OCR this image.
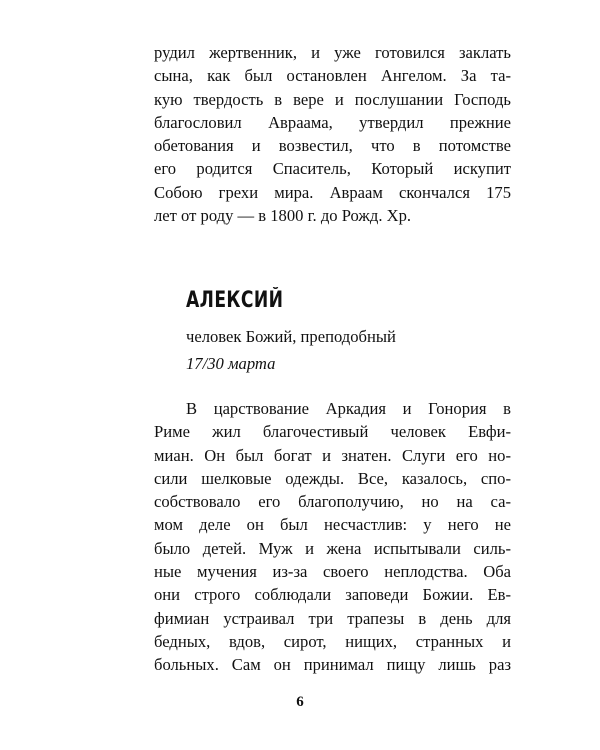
рудил жертвенник, и уже готовился заклать
сына, как был остановлен Ангелом. За та-
кую твердость в вере и послушании Господь
благословил Авраама, утвердил прежние
обетования и возвестил, что в потомстве
его родится Спаситель, Который искупит
Собою грехи мира. Авраам скончался 175
лет от роду — в 1800 г. до Рожд. Хр.
АЛЕКСИЙ
человек Божий, преподобный
17/30 марта
В царствование Аркадия и Гонория в
Риме жил благочестивый человек Евфи-
миан. Он был богат и знатен. Слуги его но-
сили шелковые одежды. Все, казалось, спо-
собствовало его благополучию, но на са-
мом деле он был несчастлив: у него не
было детей. Муж и жена испытывали силь-
ные мучения из-за своего неплодства. Оба
они строго соблюдали заповеди Божии. Ев-
фимиан устраивал три трапезы в день для
бедных, вдов, сирот, нищих, странных и
больных. Сам он принимал пищу лишь раз
6
